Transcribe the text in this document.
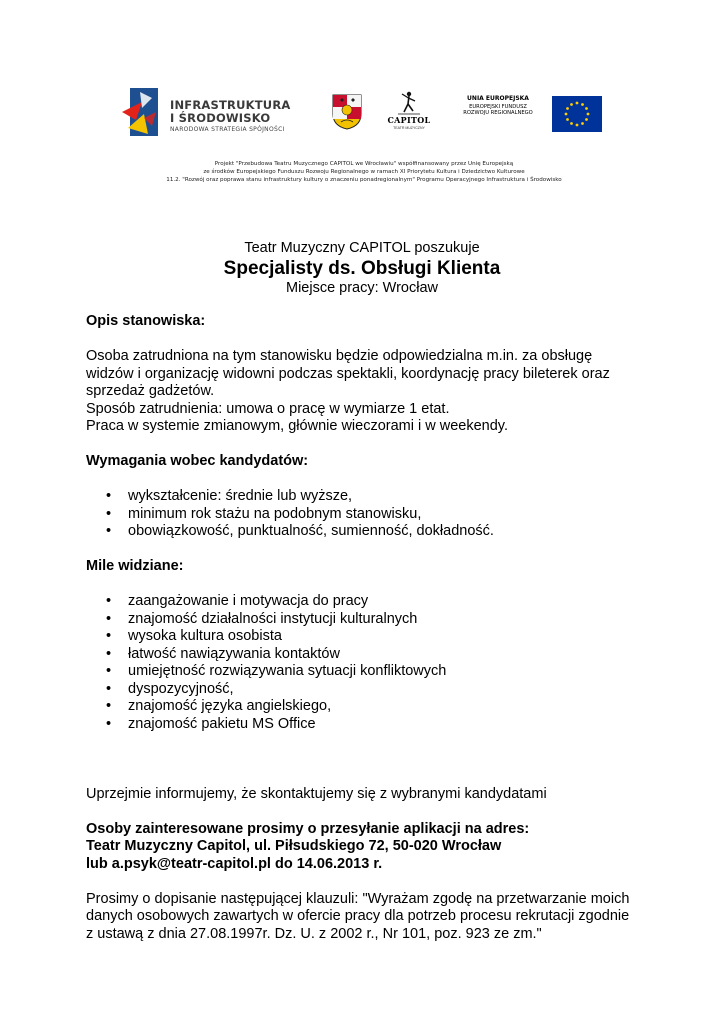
INFRASTRUKTURA
I ŚRODOWISKO
NARODOWA STRATEGIA SPÓJNOŚCI
CAPITOL
TEATR MUZYCZNY
UNIA EUROPEJSKA
EUROPEJSKI FUNDUSZ
ROZWOJU REGIONALNEGO
Projekt "Przebudowa Teatru Muzycznego CAPITOL we Wrocławiu" współfinansowany przez Unię Europejską
ze środków Europejskiego Funduszu Rozwoju Regionalnego w ramach XI Priorytetu Kultura i Dziedzictwo Kulturowe
11.2. "Rozwój oraz poprawa stanu infrastruktury kultury o znaczeniu ponadregionalnym" Programu Operacyjnego Infrastruktura i Środowisko
Teatr Muzyczny CAPITOL poszukuje
Specjalisty ds. Obsługi Klienta
Miejsce pracy: Wrocław

Opis stanowiska:

Osoba zatrudniona na tym stanowisku będzie odpowiedzialna m.in. za obsługę

widzów i organizację widowni podczas spektakli, koordynację pracy bileterek oraz

sprzedaż gadżetów.

Sposób zatrudnienia: umowa o pracę w wymiarze 1 etat.

Praca w systemie zmianowym, głównie wieczorami i w weekendy.

Wymagania wobec kandydatów:

• wykształcenie: średnie lub wyższe,
• minimum rok stażu na podobnym stanowisku,
• obowiązkowość, punktualność, sumienność, dokładność.

Mile widziane:

• zaangażowanie i motywacja do pracy
• znajomość działalności instytucji kulturalnych
• wysoka kultura osobista
• łatwość nawiązywania kontaktów
• umiejętność rozwiązywania sytuacji konfliktowych
• dyspozycyjność,
• znajomość języka angielskiego,
• znajomość pakietu MS Office

Uprzejmie informujemy, że skontaktujemy się z wybranymi kandydatami

Osoby zainteresowane prosimy o przesyłanie aplikacji na adres:

Teatr Muzyczny Capitol, ul. Piłsudskiego 72, 50-020 Wrocław

lub a.psyk@teatr-capitol.pl do 14.06.2013 r.

Prosimy o dopisanie następującej klauzuli: "Wyrażam zgodę na przetwarzanie moich

danych osobowych zawartych w ofercie pracy dla potrzeb procesu rekrutacji zgodnie

z ustawą z dnia 27.08.1997r. Dz. U. z 2002 r., Nr 101, poz. 923 ze zm."
